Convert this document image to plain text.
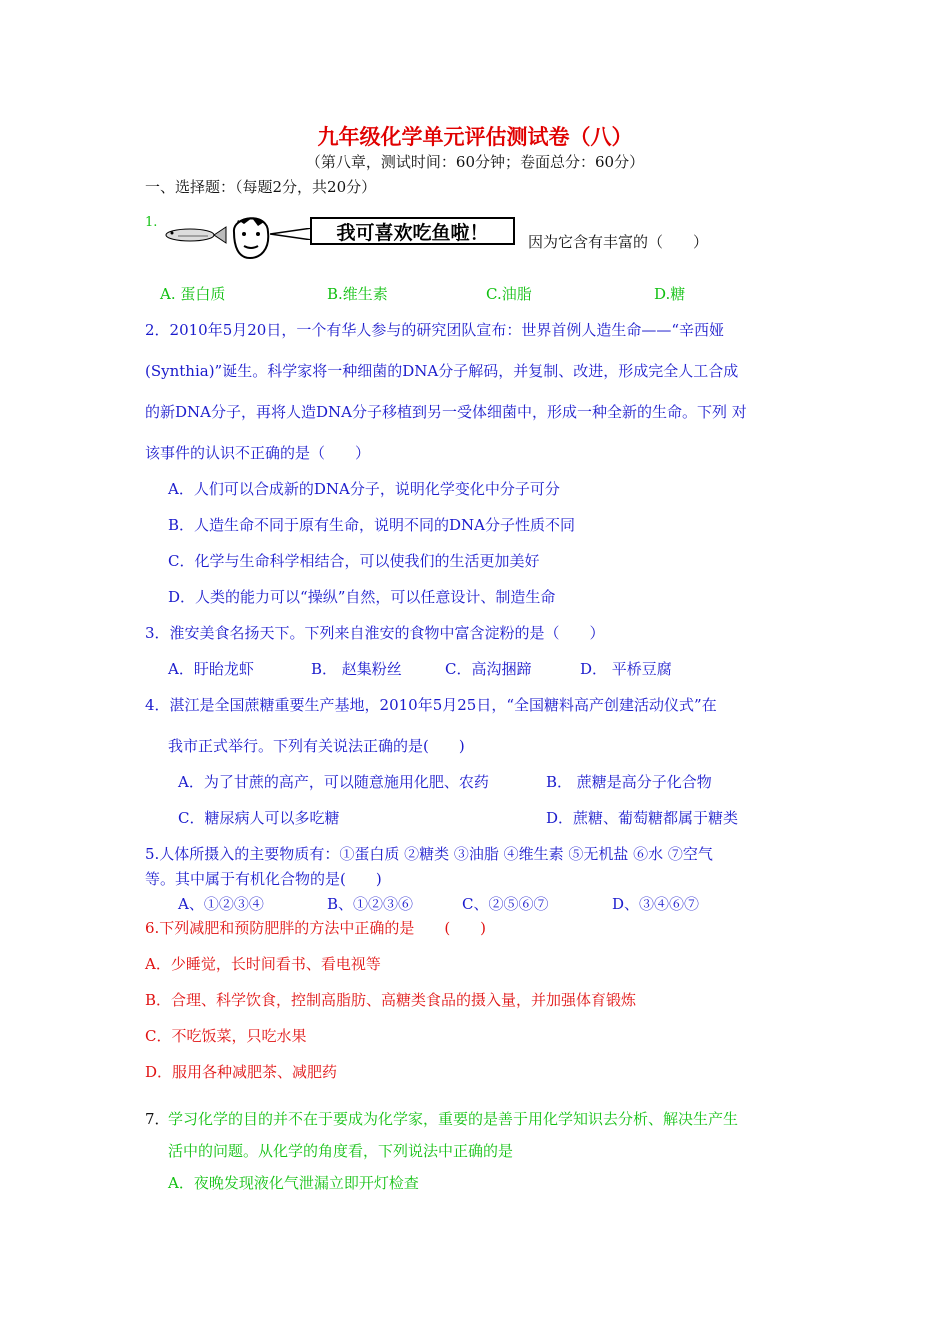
九年级化学单元评估测试卷（八）
（第八章，测试时间：60分钟；卷面总分：60分）
一、选择题：（每题2分，共20分）
1.	我可喜欢吃鱼啦！	因为它含有丰富的（　　）
A. 蛋白质	B.维生素	C.油脂	D.糖
2．2010年5月20日，一个有华人参与的研究团队宣布：世界首例人造生命——“辛西娅
(Synthia)”诞生。科学家将一种细菌的DNA分子解码，并复制、改进，形成完全人工合成
的新DNA分子，再将人造DNA分子移植到另一受体细菌中，形成一种全新的生命。下列 对
该事件的认识不正确的是（　　）
A．人们可以合成新的DNA分子，说明化学变化中分子可分
B．人造生命不同于原有生命，说明不同的DNA分子性质不同
C．化学与生命科学相结合，可以使我们的生活更加美好
D．人类的能力可以“操纵”自然，可以任意设计、制造生命
3．淮安美食名扬天下。下列来自淮安的食物中富含淀粉的是（　　）
A．盱眙龙虾	B． 赵集粉丝	C．高沟捆蹄	D． 平桥豆腐
4．湛江是全国蔗糖重要生产基地，2010年5月25日，“全国糖料高产创建活动仪式”在
我市正式举行。下列有关说法正确的是(　　)
A．为了甘蔗的高产，可以随意施用化肥、农药	B． 蔗糖是高分子化合物
C．糖尿病人可以多吃糖	D．蔗糖、葡萄糖都属于糖类
5.人体所摄入的主要物质有：①蛋白质 ②糖类 ③油脂 ④维生素 ⑤无机盐 ⑥水 ⑦空气
等。其中属于有机化合物的是(　　)
A、①②③④	B、①②③⑥	C、②⑤⑥⑦	D、③④⑥⑦
6.下列减肥和预防肥胖的方法中正确的是　　(　　)
A．少睡觉，长时间看书、看电视等
B．合理、科学饮食，控制高脂肪、高糖类食品的摄入量，并加强体育锻炼
C．不吃饭菜，只吃水果
D．服用各种减肥茶、减肥药
7．
学习化学的目的并不在于要成为化学家，重要的是善于用化学知识去分析、解决生产生
活中的问题。从化学的角度看，下列说法中正确的是
A．夜晚发现液化气泄漏立即开灯检查
